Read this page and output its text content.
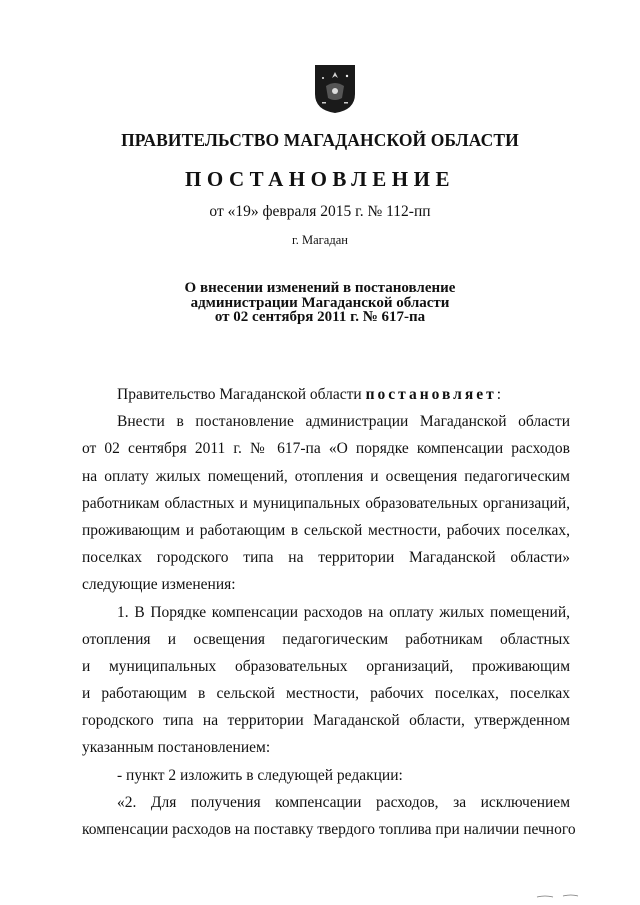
ПРАВИТЕЛЬСТВО МАГАДАНСКОЙ ОБЛАСТИ
ПОСТАНОВЛЕНИЕ
от «19» февраля 2015 г. № 112-пп
г. Магадан
О внесении изменений в постановление
администрации Магаданской области
от 02 сентября 2011 г. № 617-па
Правительство Магаданской области постановляет:
Внести в постановление администрации Магаданской области
от 02 сентября 2011 г. № 617-па «О порядке компенсации расходов
на оплату жилых помещений, отопления и освещения педагогическим
работникам областных и муниципальных образовательных организаций,
проживающим и работающим в сельской местности, рабочих поселках,
поселках городского типа на территории Магаданской области»
следующие изменения:
1. В Порядке компенсации расходов на оплату жилых помещений,
отопления и освещения педагогическим работникам областных
и муниципальных образовательных организаций, проживающим
и работающим в сельской местности, рабочих поселках, поселках
городского типа на территории Магаданской области, утвержденном
указанным постановлением:
- пункт 2 изложить в следующей редакции:
«2. Для получения компенсации расходов, за исключением
компенсации расходов на поставку твердого топлива при наличии печного
